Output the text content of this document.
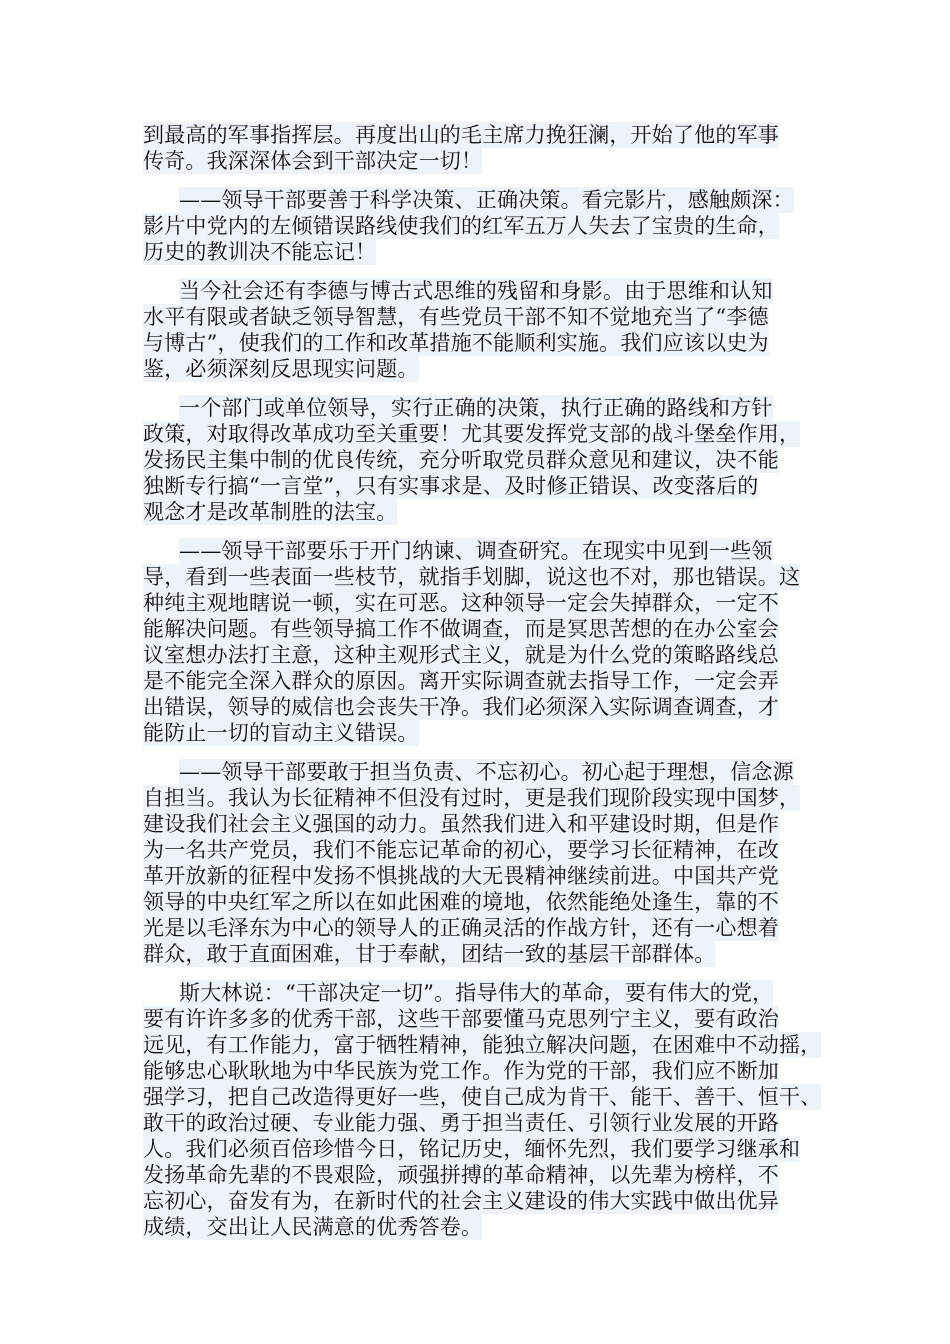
到最高的军事指挥层。再度出山的毛主席力挽狂澜，开始了他的军事
传奇。我深深体会到干部决定一切！
——领导干部要善于科学决策、正确决策。看完影片，感触颇深：
影片中党内的左倾错误路线使我们的红军五万人失去了宝贵的生命，
历史的教训决不能忘记！
当今社会还有李德与博古式思维的残留和身影。由于思维和认知
水平有限或者缺乏领导智慧，有些党员干部不知不觉地充当了“李德
与博古”，使我们的工作和改革措施不能顺利实施。我们应该以史为
鉴，必须深刻反思现实问题。
一个部门或单位领导，实行正确的决策，执行正确的路线和方针
政策，对取得改革成功至关重要！尤其要发挥党支部的战斗堡垒作用，
发扬民主集中制的优良传统，充分听取党员群众意见和建议，决不能
独断专行搞“一言堂”，只有实事求是、及时修正错误、改变落后的
观念才是改革制胜的法宝。
——领导干部要乐于开门纳谏、调查研究。在现实中见到一些领
导，看到一些表面一些枝节，就指手划脚，说这也不对，那也错误。这
种纯主观地瞎说一顿，实在可恶。这种领导一定会失掉群众，一定不
能解决问题。有些领导搞工作不做调查，而是冥思苦想的在办公室会
议室想办法打主意，这种主观形式主义，就是为什么党的策略路线总
是不能完全深入群众的原因。离开实际调查就去指导工作，一定会弄
出错误，领导的威信也会丧失干净。我们必须深入实际调查调查，才
能防止一切的盲动主义错误。
——领导干部要敢于担当负责、不忘初心。初心起于理想，信念源
自担当。我认为长征精神不但没有过时，更是我们现阶段实现中国梦，
建设我们社会主义强国的动力。虽然我们进入和平建设时期，但是作
为一名共产党员，我们不能忘记革命的初心，要学习长征精神，在改
革开放新的征程中发扬不惧挑战的大无畏精神继续前进。中国共产党
领导的中央红军之所以在如此困难的境地，依然能绝处逢生，靠的不
光是以毛泽东为中心的领导人的正确灵活的作战方针，还有一心想着
群众，敢于直面困难，甘于奉献，团结一致的基层干部群体。
斯大林说：“干部决定一切”。指导伟大的革命，要有伟大的党，
要有许许多多的优秀干部，这些干部要懂马克思列宁主义，要有政治
远见，有工作能力，富于牺牲精神，能独立解决问题，在困难中不动摇，
能够忠心耿耿地为中华民族为党工作。作为党的干部，我们应不断加
强学习，把自己改造得更好一些，使自己成为肯干、能干、善干、恒干、
敢干的政治过硬、专业能力强、勇于担当责任、引领行业发展的开路
人。我们必须百倍珍惜今日，铭记历史，缅怀先烈，我们要学习继承和
发扬革命先辈的不畏艰险，顽强拼搏的革命精神，以先辈为榜样，不
忘初心，奋发有为，在新时代的社会主义建设的伟大实践中做出优异
成绩，交出让人民满意的优秀答卷。
